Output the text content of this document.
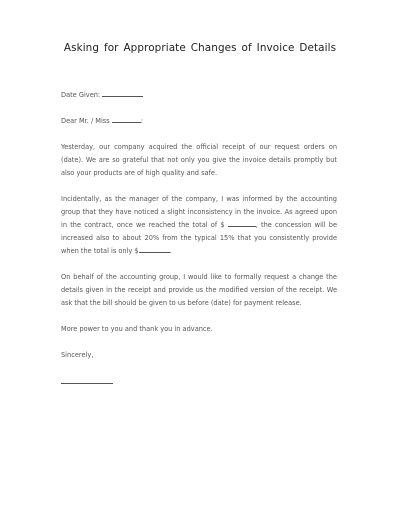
Asking for Appropriate Changes of Invoice Details

Date Given:

Dear Mr. / Miss	:

Yesterday, our company acquired the official receipt of our request orders on (date). We are so grateful that not only you give the invoice details promptly but also your products are of high quality and safe.

Incidentally, as the manager of the company, I was informed by the accounting group that they have noticed a slight inconsistency in the invoice. As agreed upon in the contract, once we reached the total of $	, the concession will be increased also to about 20% from the typical 15% that you consistently provide when the total is only $	.

On behalf of the accounting group, I would like to formally request a change the details given in the receipt and provide us the modified version of the receipt. We ask that the bill should be given to us before (date) for payment release.

More power to you and thank you in advance.

Sincerely,
